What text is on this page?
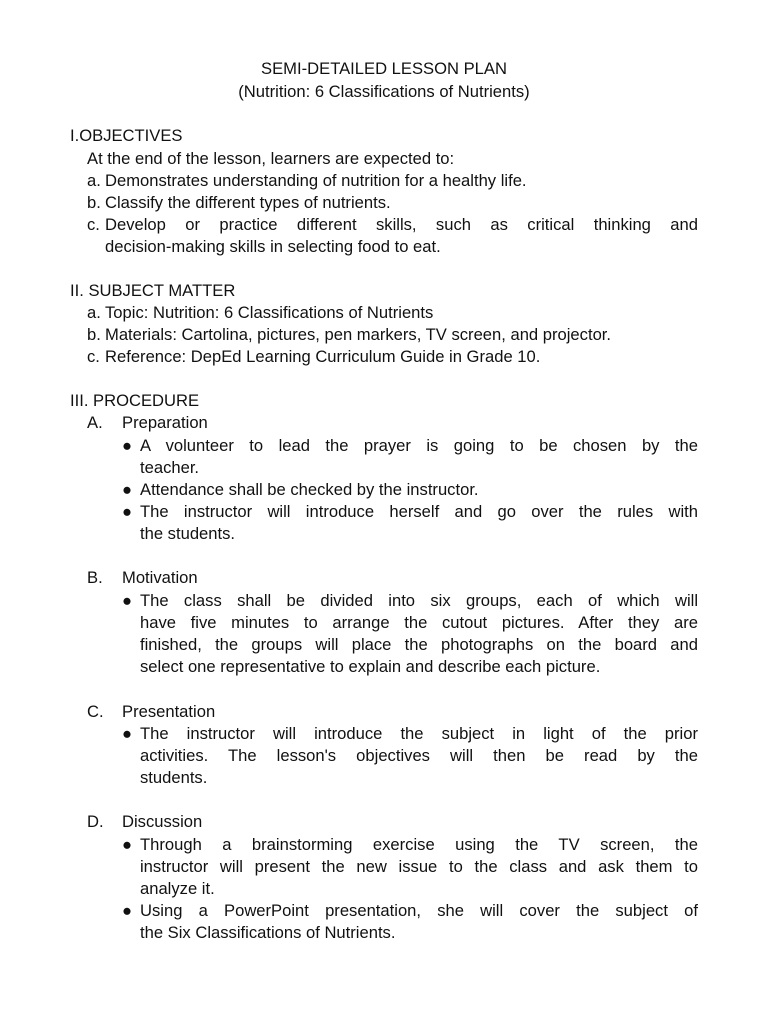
SEMI-DETAILED LESSON PLAN
(Nutrition: 6 Classifications of Nutrients)
I.OBJECTIVES
At the end of the lesson, learners are expected to:
a. Demonstrates understanding of nutrition for a healthy life.
b. Classify the different types of nutrients.
c. Develop or practice different skills, such as critical thinking and
decision-making skills in selecting food to eat.
II. SUBJECT MATTER
a. Topic: Nutrition: 6 Classifications of Nutrients
b. Materials: Cartolina, pictures, pen markers, TV screen, and projector.
c. Reference: DepEd Learning Curriculum Guide in Grade 10.
III. PROCEDURE
A. Preparation
● A volunteer to lead the prayer is going to be chosen by the
teacher.
● Attendance shall be checked by the instructor.
● The instructor will introduce herself and go over the rules with
the students.
B. Motivation
● The class shall be divided into six groups, each of which will
have five minutes to arrange the cutout pictures. After they are
finished, the groups will place the photographs on the board and
select one representative to explain and describe each picture.
C. Presentation
● The instructor will introduce the subject in light of the prior
activities. The lesson's objectives will then be read by the
students.
D. Discussion
● Through a brainstorming exercise using the TV screen, the
instructor will present the new issue to the class and ask them to
analyze it.
● Using a PowerPoint presentation, she will cover the subject of
the Six Classifications of Nutrients.
